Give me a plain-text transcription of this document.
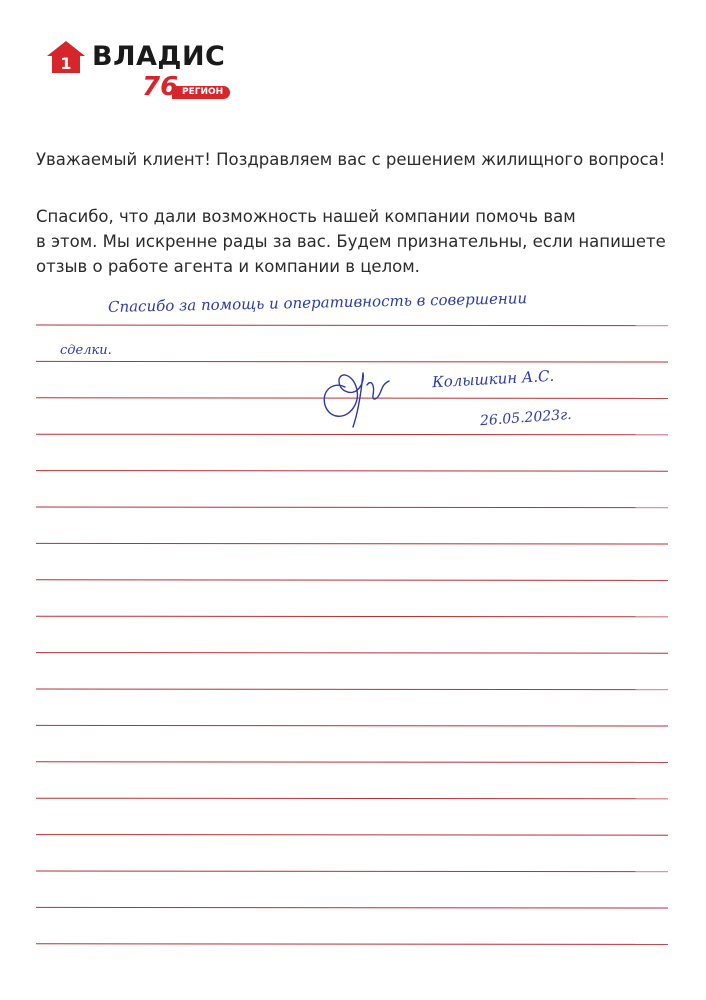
1 ВЛАДИС
РЕГИОН
76
Уважаемый клиент! Поздравляем вас с решением жилищного вопроса!
Спасибо, что дали возможность нашей компании помочь вам
в этом. Мы искренне рады за вас. Будем признательны, если напишете
отзыв о работе агента и компании в целом.
Спасибо за помощь и оперативность в совершении
сделки.
Колышкин А.С.
26.05.2023г.
